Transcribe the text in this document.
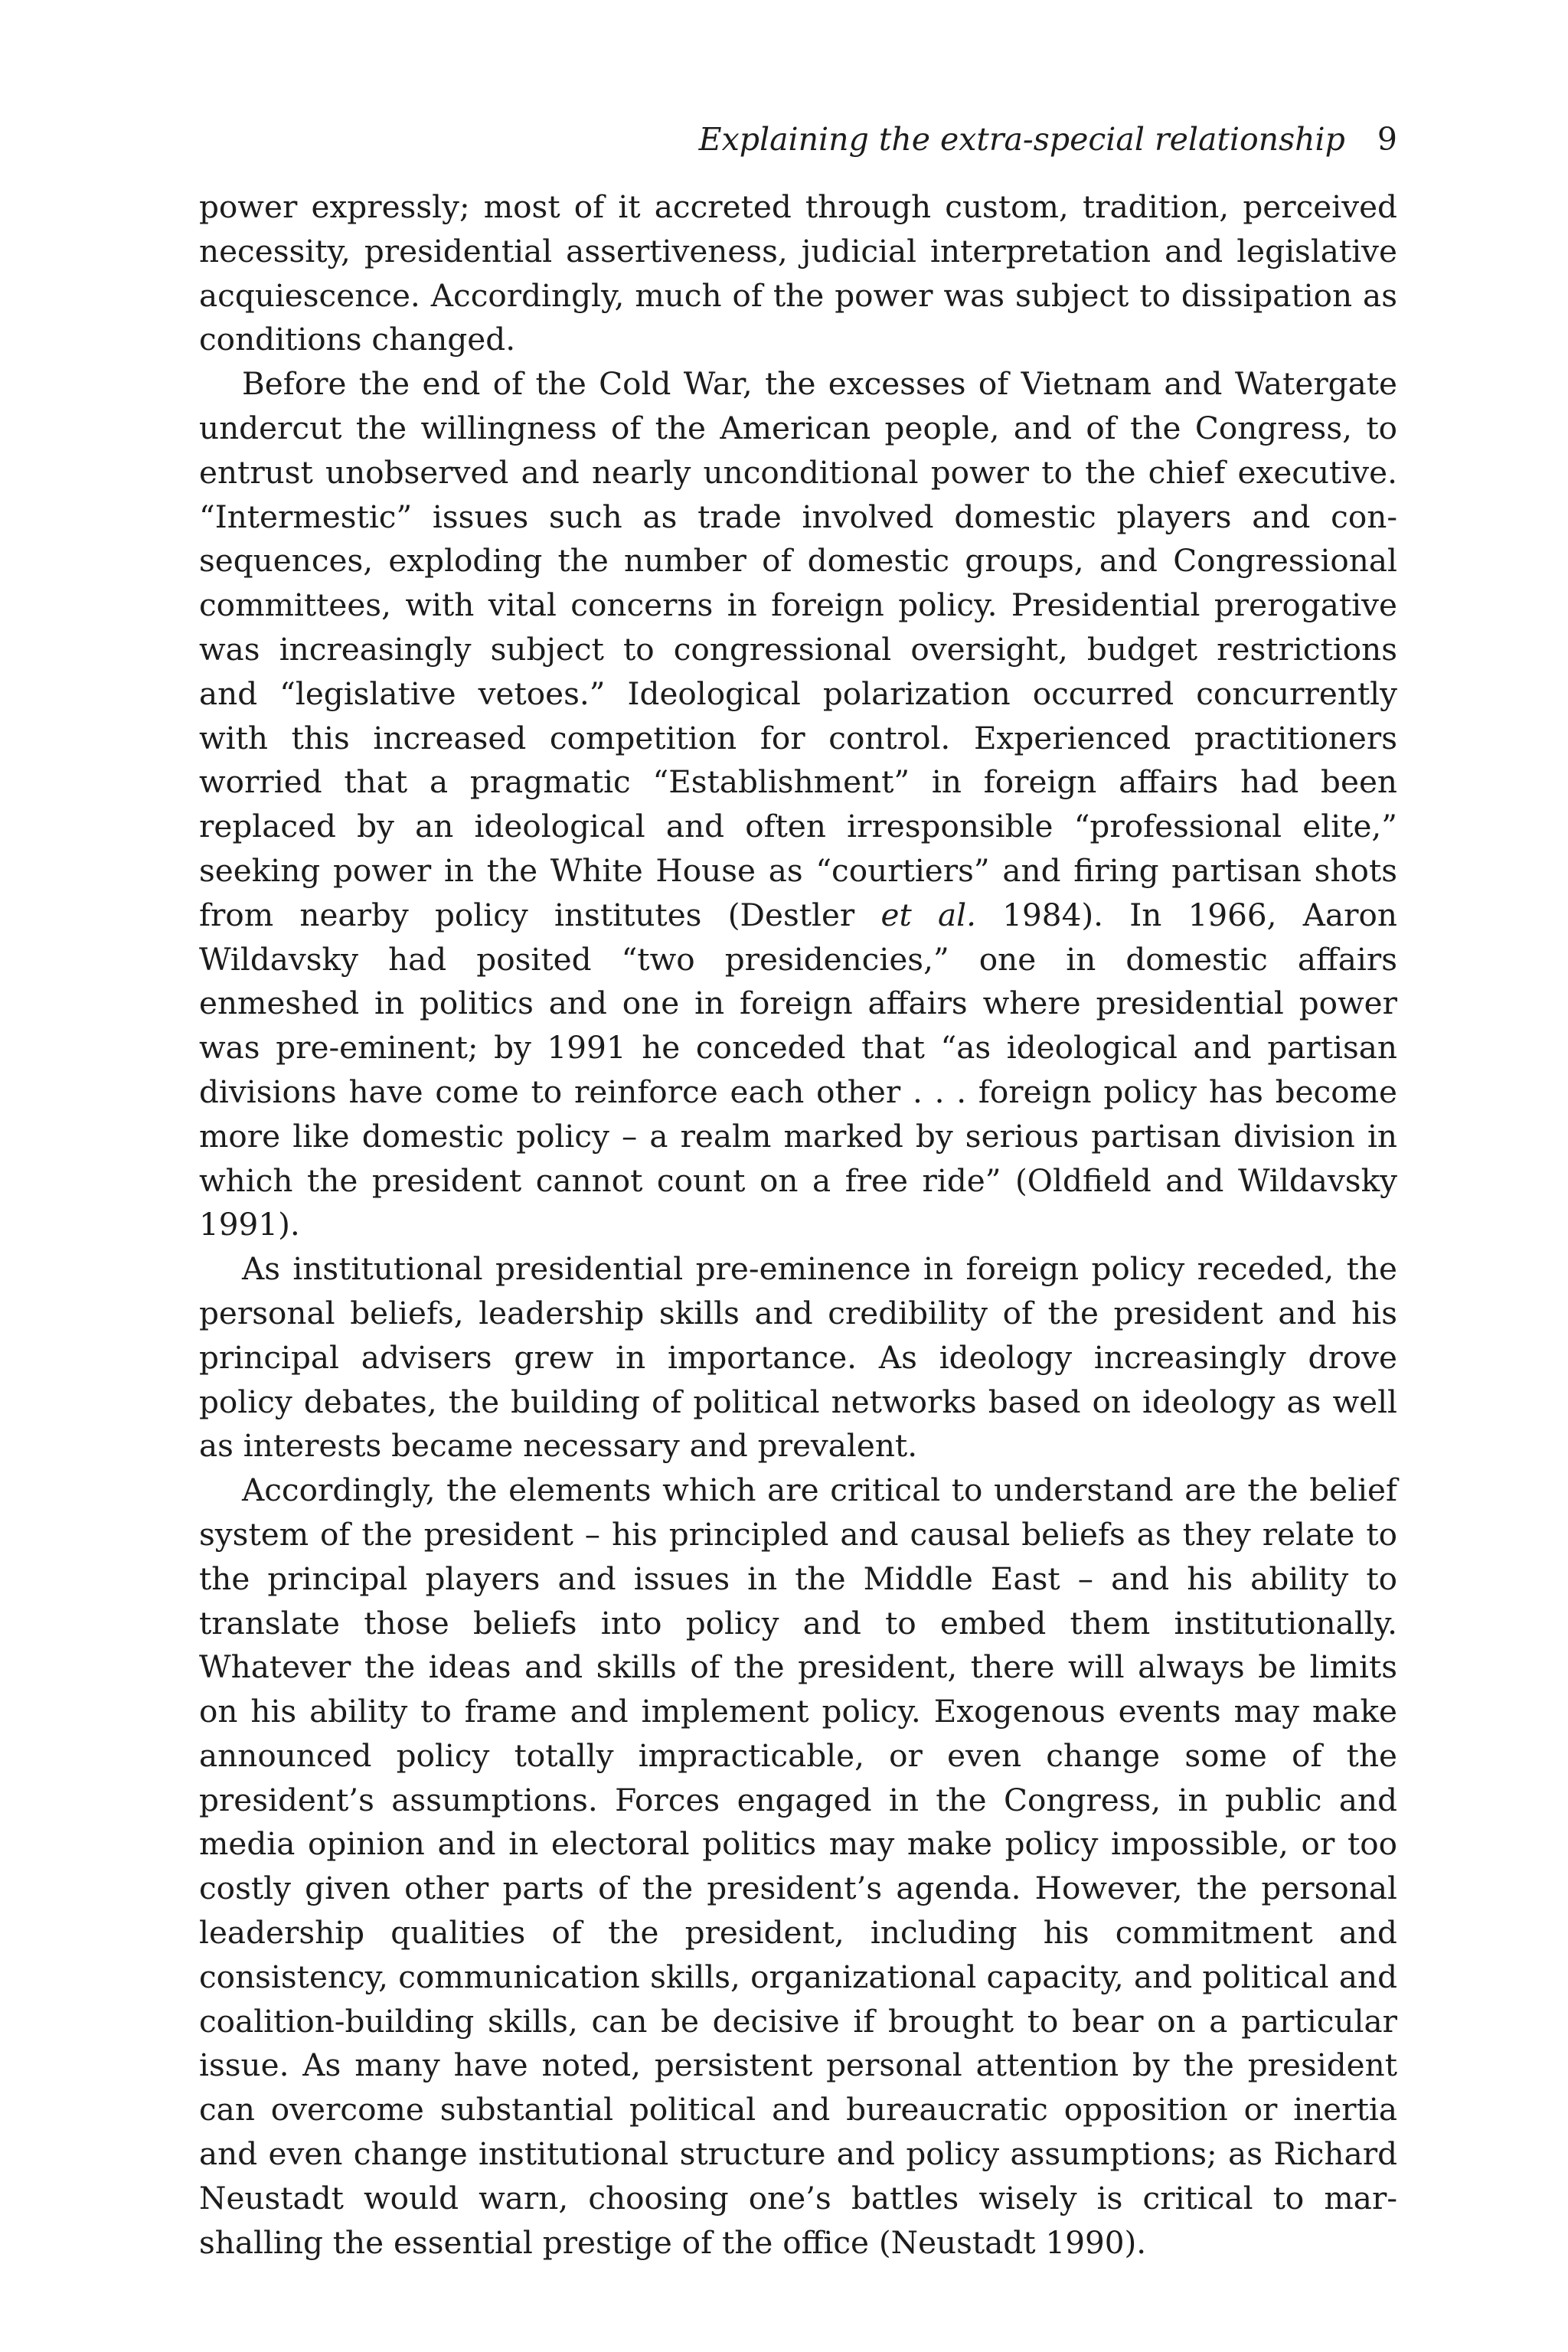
Explaining the extra-special relationship 9

power expressly; most of it accreted through custom, tradition, perceived necessity, presidential assertiveness, judicial interpretation and legislative acquiescence. Accordingly, much of the power was subject to dissipation as conditions changed.

Before the end of the Cold War, the excesses of Vietnam and Watergate undercut the willingness of the American people, and of the Congress, to entrust unobserved and nearly unconditional power to the chief executive. “Intermestic” issues such as trade involved domestic players and consequences, exploding the number of domestic groups, and Congressional committees, with vital concerns in foreign policy. Presidential prerogative was increasingly subject to congressional oversight, budget restrictions and “legislative vetoes.” Ideological polarization occurred concurrently with this increased competition for control. Experienced practitioners worried that a pragmatic “Establishment” in foreign affairs had been replaced by an ideological and often irresponsible “professional elite,” seeking power in the White House as “courtiers” and firing partisan shots from nearby policy institutes (Destler et al. 1984). In 1966, Aaron Wildavsky had posited “two presidencies,” one in domestic affairs enmeshed in politics and one in foreign affairs where presidential power was pre-eminent; by 1991 he conceded that “as ideological and partisan divisions have come to reinforce each other . . . foreign policy has become more like domestic policy – a realm marked by serious partisan division in which the president cannot count on a free ride” (Oldfield and Wildavsky 1991).

As institutional presidential pre-eminence in foreign policy receded, the personal beliefs, leadership skills and credibility of the president and his principal advisers grew in importance. As ideology increasingly drove policy debates, the building of political networks based on ideology as well as interests became necessary and prevalent.

Accordingly, the elements which are critical to understand are the belief system of the president – his principled and causal beliefs as they relate to the principal players and issues in the Middle East – and his ability to translate those beliefs into policy and to embed them institutionally. Whatever the ideas and skills of the president, there will always be limits on his ability to frame and implement policy. Exogenous events may make announced policy totally impracticable, or even change some of the president’s assumptions. Forces engaged in the Congress, in public and media opinion and in electoral politics may make policy impossible, or too costly given other parts of the president’s agenda. However, the personal leadership qualities of the president, including his commitment and consistency, communication skills, organizational capacity, and political and coalition-building skills, can be decisive if brought to bear on a particular issue. As many have noted, persistent personal attention by the president can overcome substantial political and bureaucratic opposition or inertia and even change institutional structure and policy assumptions; as Richard Neustadt would warn, choosing one’s battles wisely is critical to marshalling the essential prestige of the office (Neustadt 1990).
